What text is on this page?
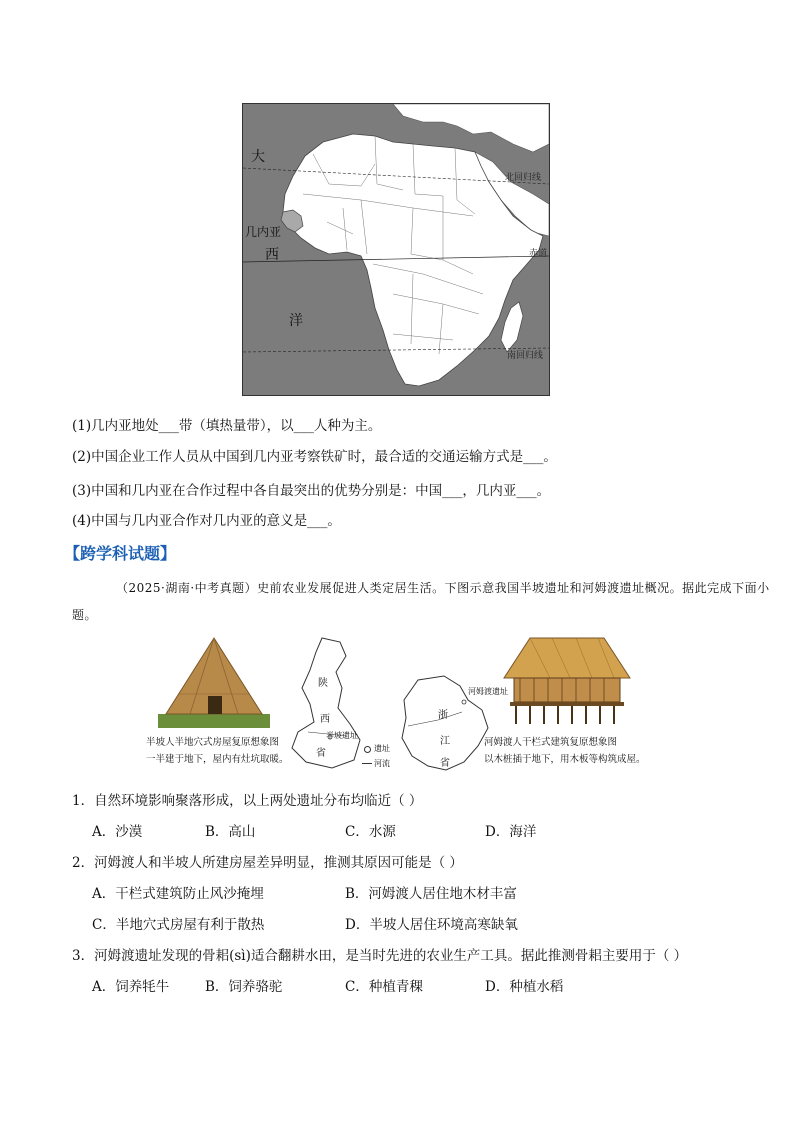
大
西
洋
几内亚
北回归线
赤道
南回归线
(1)几内亚地处___带（填热量带），以___人种为主。
(2)中国企业工作人员从中国到几内亚考察铁矿时，最合适的交通运输方式是___。
(3)中国和几内亚在合作过程中各自最突出的优势分别是：中国___，几内亚___。
(4)中国与几内亚合作对几内亚的意义是___。
【跨学科试题】
（2025·湖南·中考真题）史前农业发展促进人类定居生活。下图示意我国半坡遗址和河姆渡遗址概况。据此完成下面小题。
半坡人半地穴式房屋复原想象图
一半建于地下，屋内有灶坑取暖。
陕
西
省
半坡遗址
遗址
河流
河姆渡遗址
浙
江
省
河姆渡人干栏式建筑复原想象图
以木桩插于地下，用木板等构筑成屋。
1．自然环境影响聚落形成，以上两处遗址分布均临近（ ）
A．沙漠	B．高山	C．水源	D．海洋
2．河姆渡人和半坡人所建房屋差异明显，推测其原因可能是（ ）
A．干栏式建筑防止风沙掩埋	B．河姆渡人居住地木材丰富
C．半地穴式房屋有利于散热	D．半坡人居住环境高寒缺氧
3．河姆渡遗址发现的骨耜(sì)适合翻耕水田，是当时先进的农业生产工具。据此推测骨耜主要用于（ ）
A．饲养牦牛	B．饲养骆驼	C．种植青稞	D．种植水稻
